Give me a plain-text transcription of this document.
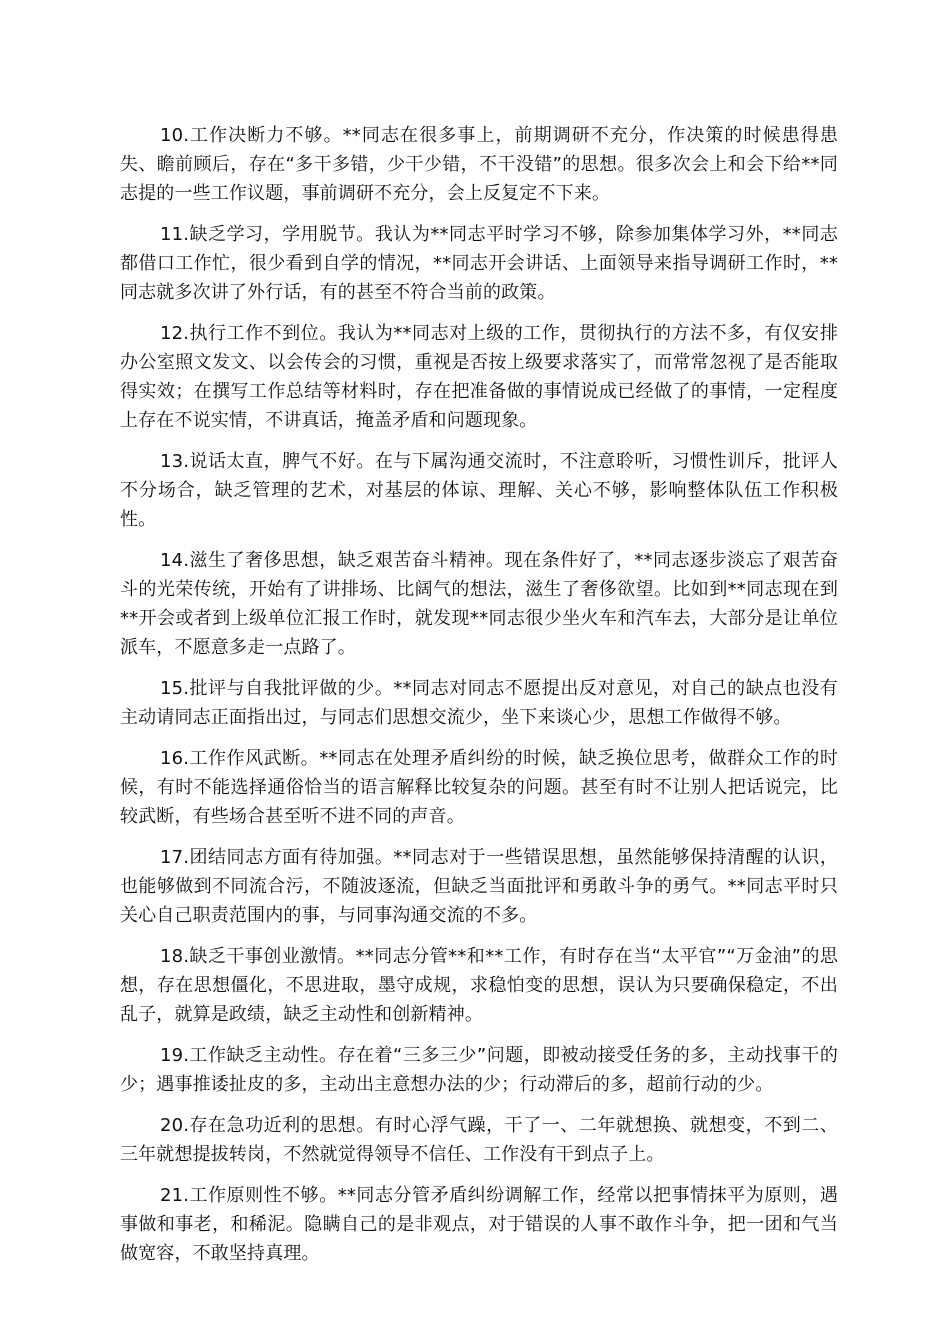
10.工作决断力不够。**同志在很多事上，前期调研不充分，作决策的时候患得患失、瞻前顾后，存在“多干多错，少干少错，不干没错”的思想。很多次会上和会下给**同志提的一些工作议题，事前调研不充分，会上反复定不下来。

11.缺乏学习，学用脱节。我认为**同志平时学习不够，除参加集体学习外，**同志都借口工作忙，很少看到自学的情况，**同志开会讲话、上面领导来指导调研工作时，**同志就多次讲了外行话，有的甚至不符合当前的政策。

12.执行工作不到位。我认为**同志对上级的工作，贯彻执行的方法不多，有仅安排办公室照文发文、以会传会的习惯，重视是否按上级要求落实了，而常常忽视了是否能取得实效；在撰写工作总结等材料时，存在把准备做的事情说成已经做了的事情，一定程度上存在不说实情，不讲真话，掩盖矛盾和问题现象。

13.说话太直，脾气不好。在与下属沟通交流时，不注意聆听，习惯性训斥，批评人不分场合，缺乏管理的艺术，对基层的体谅、理解、关心不够，影响整体队伍工作积极性。

14.滋生了奢侈思想，缺乏艰苦奋斗精神。现在条件好了，**同志逐步淡忘了艰苦奋斗的光荣传统，开始有了讲排场、比阔气的想法，滋生了奢侈欲望。比如到**同志现在到**开会或者到上级单位汇报工作时，就发现**同志很少坐火车和汽车去，大部分是让单位派车，不愿意多走一点路了。

15.批评与自我批评做的少。**同志对同志不愿提出反对意见，对自己的缺点也没有主动请同志正面指出过，与同志们思想交流少，坐下来谈心少，思想工作做得不够。

16.工作作风武断。**同志在处理矛盾纠纷的时候，缺乏换位思考，做群众工作的时候，有时不能选择通俗恰当的语言解释比较复杂的问题。甚至有时不让别人把话说完，比较武断，有些场合甚至听不进不同的声音。

17.团结同志方面有待加强。**同志对于一些错误思想，虽然能够保持清醒的认识，也能够做到不同流合污，不随波逐流，但缺乏当面批评和勇敢斗争的勇气。**同志平时只关心自己职责范围内的事，与同事沟通交流的不多。

18.缺乏干事创业激情。**同志分管**和**工作，有时存在当“太平官”“万金油”的思想，存在思想僵化，不思进取，墨守成规，求稳怕变的思想，误认为只要确保稳定，不出乱子，就算是政绩，缺乏主动性和创新精神。

19.工作缺乏主动性。存在着“三多三少”问题，即被动接受任务的多，主动找事干的少；遇事推诿扯皮的多，主动出主意想办法的少；行动滞后的多，超前行动的少。

20.存在急功近利的思想。有时心浮气躁，干了一、二年就想换、就想变，不到二、三年就想提拔转岗，不然就觉得领导不信任、工作没有干到点子上。

21.工作原则性不够。**同志分管矛盾纠纷调解工作，经常以把事情抹平为原则，遇事做和事老，和稀泥。隐瞒自己的是非观点，对于错误的人事不敢作斗争，把一团和气当做宽容，不敢坚持真理。
